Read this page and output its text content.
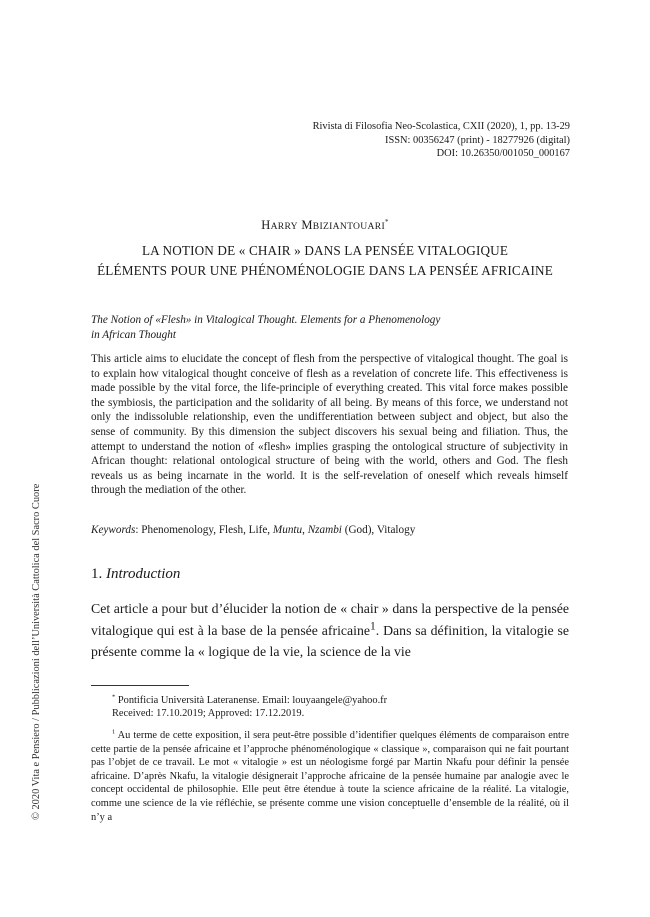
© 2020 Vita e Pensiero / Pubblicazioni dell’Università Cattolica del Sacro Cuore
Rivista di Filosofia Neo-Scolastica, CXII (2020), 1, pp. 13-29
ISSN: 00356247 (print) - 18277926 (digital)
DOI: 10.26350/001050_000167
HARRY MBIZIANTOUARI*
LA NOTION DE « CHAIR » DANS LA PENSÉE VITALOGIQUE
ÉLÉMENTS POUR UNE PHÉNOMÉNOLOGIE DANS LA PENSÉE AFRICAINE
The Notion of «Flesh» in Vitalogical Thought. Elements for a Phenomenology
in African Thought

This article aims to elucidate the concept of flesh from the perspective of vitalogical thought. The goal is to explain how vitalogical thought conceive of flesh as a revelation of concrete life. This effectiveness is made possible by the vital force, the life-principle of everything created. This vital force makes possible the symbiosis, the participation and the solidarity of all being. By means of this force, we understand not only the indissoluble relationship, even the undifferentiation between subject and object, but also the sense of community. By this dimension the subject discovers his sexual being and filiation. Thus, the attempt to understand the notion of «flesh» implies grasping the ontological structure of subjectivity in African thought: relational ontological structure of being with the world, others and God. The flesh reveals us as being incarnate in the world. It is the self-revelation of oneself which reveals himself through the mediation of the other.

Keywords: Phenomenology, Flesh, Life, Muntu, Nzambi (God), Vitalogy
1. Introduction

Cet article a pour but d’élucider la notion de « chair » dans la perspective de la pensée vitalogique qui est à la base de la pensée africaine$^1$. Dans sa définition, la vitalogie se présente comme la « logique de la vie, la science de la vie

* Pontificia Università Lateranense. Email: louyaangele@yahoo.fr
Received: 17.10.2019; Approved: 17.12.2019.

$^1$ Au terme de cette exposition, il sera peut-être possible d’identifier quelques éléments de comparaison entre cette partie de la pensée africaine et l’approche phénoménologique « classique », comparaison qui ne fait pourtant pas l’objet de ce travail. Le mot « vitalogie » est un néologisme forgé par Martin Nkafu pour définir la pensée africaine. D’après Nkafu, la vitalogie désignerait l’approche africaine de la pensée humaine par analogie avec le concept occidental de philosophie. Elle peut être étendue à toute la science africaine de la réalité. La vitalogie, comme une science de la vie réfléchie, se présente comme une vision conceptuelle d’ensemble de la réalité, où il n’y a
